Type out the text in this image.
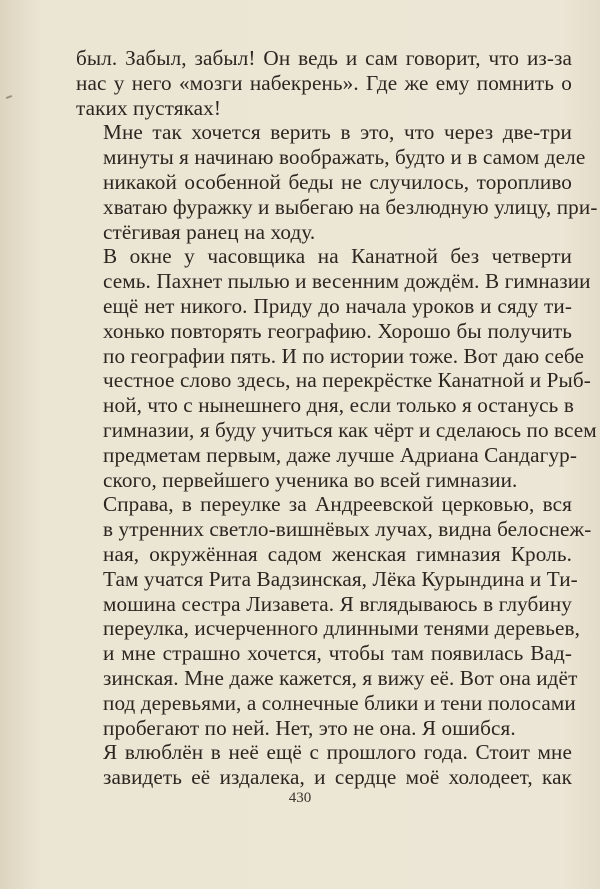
был. Забыл, забыл! Он ведь и сам говорит, что из-за
нас у него «мозги набекрень». Где же ему помнить о
таких пустяках!

Мне так хочется верить в это, что через две-три
минуты я начинаю воображать, будто и в самом деле
никакой особенной беды не случилось, торопливо
хватаю фуражку и выбегаю на безлюдную улицу, при-
стёгивая ранец на ходу.

В окне у часовщика на Канатной без четверти
семь. Пахнет пылью и весенним дождём. В гимназии
ещё нет никого. Приду до начала уроков и сяду ти-
хонько повторять географию. Хорошо бы получить
по географии пять. И по истории тоже. Вот даю себе
честное слово здесь, на перекрёстке Канатной и Рыб-
ной, что с нынешнего дня, если только я останусь в
гимназии, я буду учиться как чёрт и сделаюсь по всем
предметам первым, даже лучше Адриана Сандагур-
ского, первейшего ученика во всей гимназии.

Справа, в переулке за Андреевской церковью, вся
в утренних светло-вишнёвых лучах, видна белоснеж-
ная, окружённая садом женская гимназия Кроль.
Там учатся Рита Вадзинская, Лёка Курындина и Ти-
мошина сестра Лизавета. Я вглядываюсь в глубину
переулка, исчерченного длинными тенями деревьев,
и мне страшно хочется, чтобы там появилась Вад-
зинская. Мне даже кажется, я вижу её. Вот она идёт
под деревьями, а солнечные блики и тени полосами
пробегают по ней. Нет, это не она. Я ошибся.

Я влюблён в неё ещё с прошлого года. Стоит мне
завидеть её издалека, и сердце моё холодеет, как

430
